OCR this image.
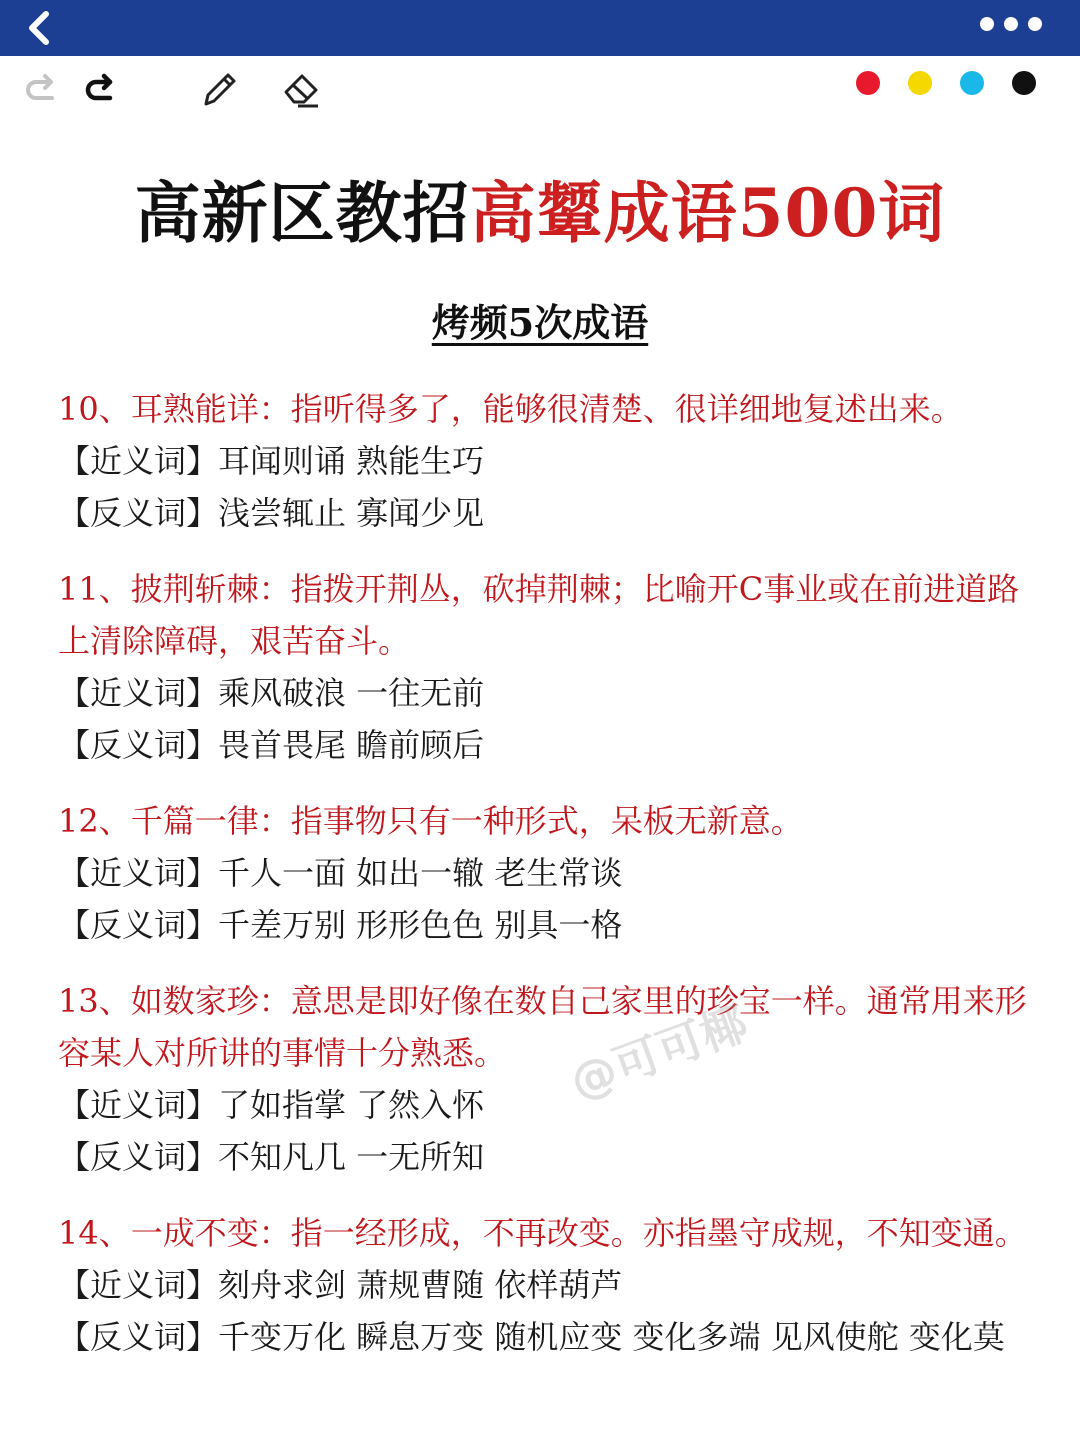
高新区教招高颦成语500词
烤频5次成语

10、耳熟能详：指听得多了，能够很清楚、很详细地复述出来。

【近义词】耳闻则诵 熟能生巧

【反义词】浅尝辄止 寡闻少见

11、披荆斩棘：指拨开荆丛，砍掉荆棘；比喻开C事业或在前进道路上清除障碍，艰苦奋斗。

【近义词】乘风破浪 一往无前

【反义词】畏首畏尾 瞻前顾后

12、千篇一律：指事物只有一种形式，呆板无新意。

【近义词】千人一面 如出一辙 老生常谈

【反义词】千差万别 形形色色 别具一格

13、如数家珍：意思是即好像在数自己家里的珍宝一样。通常用来形容某人对所讲的事情十分熟悉。

【近义词】了如指掌 了然入怀

【反义词】不知凡几 一无所知

14、一成不变：指一经形成，不再改变。亦指墨守成规，不知变通。

【近义词】刻舟求剑 萧规曹随 依样葫芦

【反义词】千变万化 瞬息万变 随机应变 变化多端 见风使舵 变化莫

@可可椰
